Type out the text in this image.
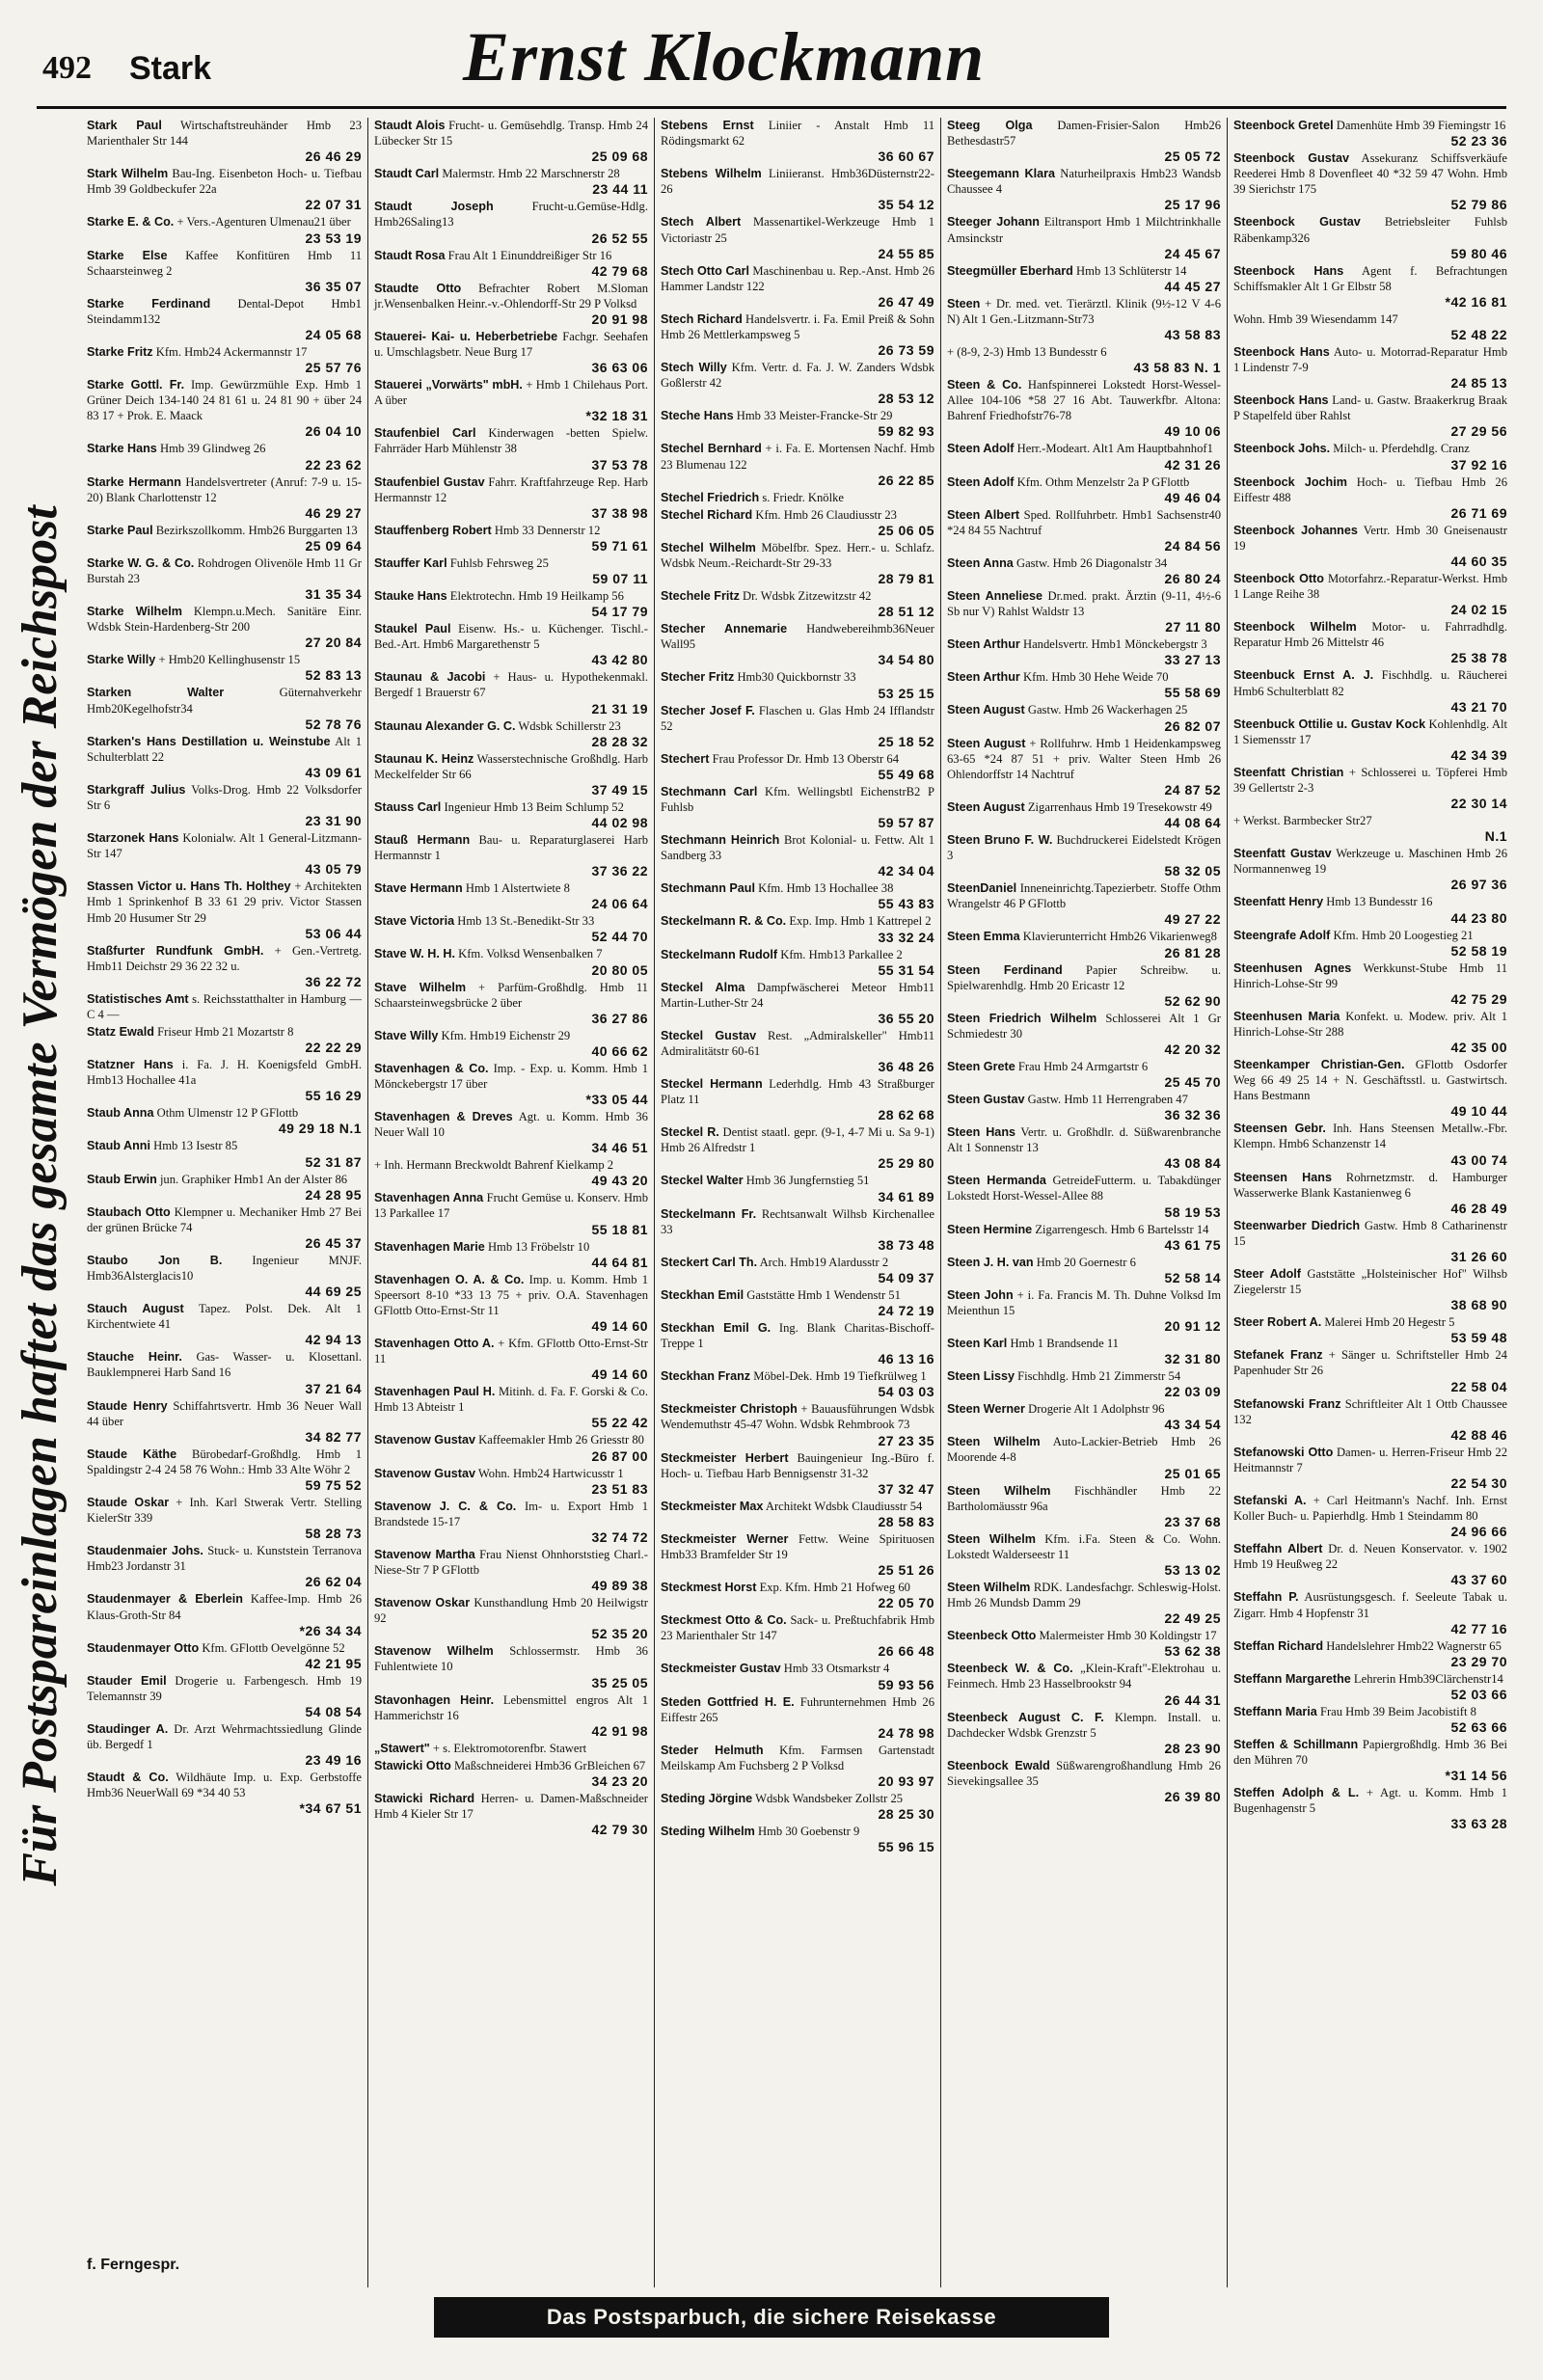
492 Stark	Ernst Klockmann
Für Postspareinlagen haftet das gesamte Vermögen der Reichspost
Stark Paul Wirtschaftstreuhänder Hmb 23 Marienthaler Str 144
26 46 29
Stark Wilhelm Bau-Ing. Eisenbeton Hoch- u. Tiefbau Hmb 39 Goldbeckufer 22a
22 07 31
Starke E. & Co. + Vers.-Agenturen Ulmenau21 über
23 53 19
Starke Else Kaffee Konfitüren Hmb 11 Schaarsteinweg 2
36 35 07
Starke Ferdinand Dental-Depot Hmb1 Steindamm132
24 05 68
Starke Fritz Kfm. Hmb24 Ackermannstr 17
25 57 76
Starke Gottl. Fr. Imp. Gewürzmühle Exp. Hmb 1 Grüner Deich 134-140 24 81 61 u. 24 81 90 + über 24 83 17 + Prok. E. Maack
26 04 10
Starke Hans Hmb 39 Glindweg 26
22 23 62
Starke Hermann Handelsvertreter (Anruf: 7-9 u. 15-20) Blank Charlottenstr 12
46 29 27
Starke Paul Bezirkszollkomm. Hmb26 Burggarten 13
25 09 64
Starke W. G. & Co. Rohdrogen Olivenöle Hmb 11 Gr Burstah 23
31 35 34
Starke Wilhelm Klempn.u.Mech. Sanitäre Einr. Wdsbk Stein-Hardenberg-Str 200
27 20 84
Starke Willy + Hmb20 Kellinghusenstr 15
52 83 13
Starken Walter	Güternahverkehr Hmb20Kegelhofstr34
52 78 76
Starken's Hans Destillation u. Weinstube Alt 1 Schulterblatt 22
43 09 61
Starkgraff Julius Volks-Drog. Hmb 22 Volksdorfer Str 6
23 31 90
Starzonek Hans Kolonialw. Alt 1 General-Litzmann-Str 147
43 05 79
Stassen Victor u. Hans Th. Holthey + Architekten Hmb 1 Sprinkenhof B 33 61 29 priv. Victor Stassen Hmb 20 Husumer Str 29
53 06 44
Staßfurter Rundfunk GmbH. + Gen.-Vertretg. Hmb11 Deichstr 29 36 22 32 u.
36 22 72
Statistisches Amt s. Reichsstatthalter in Hamburg — C 4 —
Statz Ewald Friseur Hmb 21 Mozartstr 8
22 22 29
Statzner Hans i. Fa. J. H. Koenigsfeld GmbH. Hmb13 Hochallee 41a
55 16 29
Staub Anna Othm Ulmenstr 12 P GFlottb
49 29 18 N.1
Staub Anni Hmb 13 Isestr 85
52 31 87
Staub Erwin jun. Graphiker Hmb1 An der Alster 86
24 28 95
Staubach Otto Klempner u. Mechaniker Hmb 27 Bei der grünen Brücke 74
26 45 37
Staubo Jon B. Ingenieur MNJF. Hmb36Alsterglacis10
44 69 25
Stauch August Tapez. Polst. Dek. Alt 1 Kirchentwiete 41
42 94 13
Stauche Heinr. Gas- Wasser- u. Klosettanl. Bauklempnerei Harb Sand 16
37 21 64
Staude Henry Schiffahrtsvertr. Hmb 36 Neuer Wall 44 über
34 82 77
Staude Käthe Bürobedarf-Großhdlg. Hmb 1 Spaldingstr 2-4 24 58 76 Wohn.: Hmb 33 Alte Wöhr 2
59 75 52
Staude Oskar + Inh. Karl Stwerak Vertr. Stelling KielerStr 339
58 28 73
Staudenmaier Johs. Stuck- u. Kunststein Terranova Hmb23 Jordanstr 31
26 62 04
Staudenmayer & Eberlein Kaffee-Imp. Hmb 26 Klaus-Groth-Str 84
*26 34 34
Staudenmayer Otto Kfm. GFlottb Oevelgönne 52
42 21 95
Stauder Emil Drogerie u. Farbengesch. Hmb 19 Telemannstr 39
54 08 54
Staudinger A. Dr. Arzt Wehrmachtssiedlung Glinde üb. Bergedf 1
23 49 16
Staudt & Co. Wildhäute Imp. u. Exp. Gerbstoffe Hmb36 NeuerWall 69 *34 40 53
*34 67 51
Staudt Alois Frucht- u. Gemüsehdlg. Transp. Hmb 24 Lübecker Str 15
25 09 68
Staudt Carl Malermstr. Hmb 22 Marschnerstr 28
23 44 11
Staudt Joseph	Frucht-u.Gemüse-Hdlg. Hmb26Saling13
26 52 55
Staudt Rosa Frau Alt 1 Einunddreißiger Str 16
42 79 68
Staudte Otto Befrachter Robert M.Sloman jr.Wensenbalken Heinr.-v.-Ohlendorff-Str 29 P Volksd
20 91 98
Stauerei- Kai- u. Heberbetriebe Fachgr. Seehafen u. Umschlagsbetr. Neue Burg 17
36 63 06
Stauerei „Vorwärts" mbH. + Hmb 1 Chilehaus Port. A über
*32 18 31
Staufenbiel Carl Kinderwagen -betten Spielw. Fahrräder Harb Mühlenstr 38
37 53 78
Staufenbiel Gustav Fahrr. Kraftfahrzeuge Rep. Harb Hermannstr 12
37 38 98
Stauffenberg Robert Hmb 33 Dennerstr 12
59 71 61
Stauffer Karl Fuhlsb Fehrsweg 25
59 07 11
Stauke Hans Elektrotechn. Hmb 19 Heilkamp 56
54 17 79
Staukel Paul Eisenw. Hs.- u. Küchenger. Tischl.-Bed.-Art. Hmb6 Margarethenstr 5
43 42 80
Staunau & Jacobi + Haus- u. Hypothekenmakl. Bergedf 1 Brauerstr 67
21 31 19
Staunau Alexander G. C. Wdsbk Schillerstr 23
28 28 32
Staunau K. Heinz Wasserstechnische Großhdlg. Harb Meckelfelder Str 66
37 49 15
Stauss Carl Ingenieur Hmb 13 Beim Schlump 52
44 02 98
Stauß Hermann Bau- u. Reparaturglaserei Harb Hermannstr 1
37 36 22
Stave Hermann Hmb 1 Alstertwiete 8
24 06 64
Stave Victoria Hmb 13 St.-Benedikt-Str 33
52 44 70
Stave W. H. H. Kfm. Volksd Wensenbalken 7
20 80 05
Stave Wilhelm + Parfüm-Großhdlg. Hmb 11 Schaarsteinwegsbrücke 2 über
36 27 86
Stave Willy Kfm. Hmb19 Eichenstr 29
40 66 62
Stavenhagen & Co. Imp. - Exp. u. Komm. Hmb 1 Mönckebergstr 17 über
*33 05 44
Stavenhagen & Dreves Agt. u. Komm. Hmb 36 Neuer Wall 10
34 46 51
+ Inh. Hermann Breckwoldt Bahrenf Kielkamp 2
49 43 20
Stavenhagen Anna Frucht Gemüse u. Konserv. Hmb 13 Parkallee 17
55 18 81
Stavenhagen Marie Hmb 13 Fröbelstr 10
44 64 81
Stavenhagen O. A. & Co. Imp. u. Komm. Hmb 1 Speersort 8-10 *33 13 75 + priv. O.A. Stavenhagen GFlottb Otto-Ernst-Str 11
49 14 60
Stavenhagen Otto A. + Kfm. GFlottb Otto-Ernst-Str 11
49 14 60
Stavenhagen Paul H. Mitinh. d. Fa. F. Gorski & Co. Hmb 13 Abteistr 1
55 22 42
Stavenow Gustav Kaffeemakler Hmb 26 Griesstr 80
26 87 00
Stavenow Gustav Wohn. Hmb24 Hartwicusstr 1
23 51 83
Stavenow J. C. & Co. Im- u. Export Hmb 1 Brandstede 15-17
32 74 72
Stavenow Martha Frau Nienst Ohnhorststieg Charl.-Niese-Str 7 P GFlottb
49 89 38
Stavenow Oskar Kunsthandlung Hmb 20 Heilwigstr 92
52 35 20
Stavenow Wilhelm Schlossermstr. Hmb 36 Fuhlentwiete 10
35 25 05
Stavonhagen Heinr. Lebensmittel engros Alt 1 Hammerichstr 16
42 91 98
„Stawert" + s. Elektromotorenfbr. Stawert
Stawicki Otto Maßschneiderei Hmb36 GrBleichen 67
34 23 20
Stawicki Richard Herren- u. Damen-Maßschneider Hmb 4 Kieler Str 17
42 79 30
Stebens Ernst Liniier - Anstalt Hmb 11 Rödingsmarkt 62
36 60 67
Stebens Wilhelm Liniieranst. Hmb36Düsternstr22-26
35 54 12
Stech Albert Massenartikel-Werkzeuge Hmb 1 Victoriastr 25
24 55 85
Stech Otto Carl Maschinenbau u. Rep.-Anst. Hmb 26 Hammer Landstr 122
26 47 49
Stech Richard Handelsvertr. i. Fa. Emil Preiß & Sohn Hmb 26 Mettlerkampsweg 5
26 73 59
Stech Willy Kfm. Vertr. d. Fa. J. W. Zanders Wdsbk Goßlerstr 42
28 53 12
Steche Hans Hmb 33 Meister-Francke-Str 29
59 82 93
Stechel Bernhard + i. Fa. E. Mortensen Nachf. Hmb 23 Blumenau 122
26 22 85
Stechel Friedrich s. Friedr. Knölke
Stechel Richard Kfm. Hmb 26 Claudiusstr 23
25 06 05
Stechel Wilhelm Möbelfbr. Spez. Herr.- u. Schlafz. Wdsbk Neum.-Reichardt-Str 29-33
28 79 81
Stechele Fritz Dr. Wdsbk Zitzewitzstr 42
28 51 12
Stecher Annemarie Handwebereihmb36Neuer Wall95
34 54 80
Stecher Fritz Hmb30 Quickbornstr 33
53 25 15
Stecher Josef F. Flaschen u. Glas Hmb 24 Ifflandstr 52
25 18 52
Stechert Frau Professor Dr. Hmb 13 Oberstr 64
55 49 68
Stechmann Carl Kfm. Wellingsbtl EichenstrB2 P Fuhlsb
59 57 87
Stechmann Heinrich Brot Kolonial- u. Fettw. Alt 1 Sandberg 33
42 34 04
Stechmann Paul Kfm. Hmb 13 Hochallee 38
55 43 83
Steckelmann R. & Co. Exp. Imp. Hmb 1 Kattrepel 2
33 32 24
Steckelmann Rudolf Kfm. Hmb13 Parkallee 2
55 31 54
Steckel Alma Dampfwäscherei Meteor Hmb11 Martin-Luther-Str 24
36 55 20
Steckel Gustav Rest. „Admiralskeller" Hmb11 Admiralitätstr 60-61
36 48 26
Steckel Hermann Lederhdlg. Hmb 43 Straßburger Platz 11
28 62 68
Steckel R. Dentist staatl. gepr. (9-1, 4-7 Mi u. Sa 9-1) Hmb 26 Alfredstr 1
25 29 80
Steckel Walter Hmb 36 Jungfernstieg 51
34 61 89
Steckelmann Fr. Rechtsanwalt Wilhsb Kirchenallee 33
38 73 48
Steckert Carl Th. Arch. Hmb19 Alardusstr 2
54 09 37
Steckhan Emil Gaststätte Hmb 1 Wendenstr 51
24 72 19
Steckhan Emil G. Ing. Blank Charitas-Bischoff-Treppe 1
46 13 16
Steckhan Franz Möbel-Dek. Hmb 19 Tiefkrülweg 1
54 03 03
Steckmeister Christoph + Bauausführungen Wdsbk Wendemuthstr 45-47 Wohn. Wdsbk Rehmbrook 73
27 23 35
Steckmeister Herbert Bauingenieur Ing.-Büro f. Hoch- u. Tiefbau Harb Bennigsenstr 31-32
37 32 47
Steckmeister Max Architekt Wdsbk Claudiusstr 54
28 58 83
Steckmeister Werner Fettw. Weine Spirituosen Hmb33 Bramfelder Str 19
25 51 26
Steckmest Horst Exp. Kfm. Hmb 21 Hofweg 60
22 05 70
Steckmest Otto & Co. Sack- u. Preßtuchfabrik Hmb 23 Marienthaler Str 147
26 66 48
Steckmeister Gustav Hmb 33 Otsmarkstr 4
59 93 56
Steden Gottfried H. E. Fuhrunternehmen Hmb 26 Eiffestr 265
24 78 98
Steder Helmuth Kfm. Farmsen Gartenstadt Meilskamp Am Fuchsberg 2 P Volksd
20 93 97
Steding Jörgine Wdsbk Wandsbeker Zollstr 25
28 25 30
Steding Wilhelm Hmb 30 Goebenstr 9
55 96 15
Steeg Olga Damen-Frisier-Salon Hmb26 Bethesdastr57
25 05 72
Steegemann Klara Naturheilpraxis Hmb23 Wandsb Chaussee 4
25 17 96
Steeger Johann Eiltransport Hmb 1 Milchtrinkhalle Amsinckstr
24 45 67
Steegmüller Eberhard Hmb 13 Schlüterstr 14
44 45 27
Steen + Dr. med. vet. Tierärztl. Klinik (9½-12 V 4-6 N) Alt 1 Gen.-Litzmann-Str73
43 58 83
+ (8-9, 2-3) Hmb 13 Bundesstr 6
43 58 83 N. 1
Steen & Co. Hanfspinnerei Lokstedt Horst-Wessel-Allee 104-106 *58 27 16 Abt. Tauwerkfbr. Altona: Bahrenf Friedhofstr76-78
49 10 06
Steen Adolf Herr.-Modeart. Alt1 Am Hauptbahnhof1
42 31 26
Steen Adolf Kfm. Othm Menzelstr 2a P GFlottb
49 46 04
Steen Albert Sped. Rollfuhrbetr. Hmb1 Sachsenstr40 *24 84 55 Nachtruf
24 84 56
Steen Anna Gastw. Hmb 26 Diagonalstr 34
26 80 24
Steen Anneliese Dr.med. prakt. Ärztin (9-11, 4½-6 Sb nur V) Rahlst Waldstr 13
27 11 80
Steen Arthur Handelsvertr. Hmb1 Mönckebergstr 3
33 27 13
Steen Arthur Kfm. Hmb 30 Hehe Weide 70
55 58 69
Steen August Gastw. Hmb 26 Wackerhagen 25
26 82 07
Steen August + Rollfuhrw. Hmb 1 Heidenkampsweg 63-65 *24 87 51 + priv. Walter Steen Hmb 26 Ohlendorffstr 14 Nachtruf
24 87 52
Steen August Zigarrenhaus Hmb 19 Tresekowstr 49
44 08 64
Steen Bruno F. W. Buchdruckerei Eidelstedt Krögen 3
58 32 05
SteenDaniel Inneneinrichtg.Tapezierbetr. Stoffe Othm Wrangelstr 46 P GFlottb
49 27 22
Steen Emma Klavierunterricht Hmb26 Vikarienweg8
26 81 28
Steen Ferdinand Papier Schreibw. u. Spielwarenhdlg. Hmb 20 Ericastr 12
52 62 90
Steen Friedrich Wilhelm Schlosserei Alt 1 Gr Schmiedestr 30
42 20 32
Steen Grete Frau Hmb 24 Armgartstr 6
25 45 70
Steen Gustav Gastw. Hmb 11 Herrengraben 47
36 32 36
Steen Hans Vertr. u. Großhdlr. d. Süßwarenbranche Alt 1 Sonnenstr 13
43 08 84
Steen Hermanda GetreideFutterm. u. Tabakdünger Lokstedt Horst-Wessel-Allee 88
58 19 53
Steen Hermine Zigarrengesch. Hmb 6 Bartelsstr 14
43 61 75
Steen J. H. van Hmb 20 Goernestr 6
52 58 14
Steen John + i. Fa. Francis M. Th. Duhne Volksd Im Meienthun 15
20 91 12
Steen Karl Hmb 1 Brandsende 11
32 31 80
Steen Lissy Fischhdlg. Hmb 21 Zimmerstr 54
22 03 09
Steen Werner Drogerie Alt 1 Adolphstr 96
43 34 54
Steen Wilhelm Auto-Lackier-Betrieb Hmb 26 Moorende 4-8
25 01 65
Steen Wilhelm Fischhändler Hmb 22 Bartholomäusstr 96a
23 37 68
Steen Wilhelm Kfm. i.Fa. Steen & Co. Wohn. Lokstedt Walderseestr 11
53 13 02
Steen Wilhelm RDK. Landesfachgr. Schleswig-Holst. Hmb 26 Mundsb Damm 29
22 49 25
Steenbeck Otto Malermeister Hmb 30 Koldingstr 17
53 62 38
Steenbeck W. & Co. „Klein-Kraft"-Elektrohau u. Feinmech. Hmb 23 Hasselbrookstr 94
26 44 31
Steenbeck August C. F. Klempn. Install. u. Dachdecker Wdsbk Grenzstr 5
28 23 90
Steenbock Ewald Süßwarengroßhandlung Hmb 26 Sievekingsallee 35
26 39 80
Steenbock Gretel Damenhüte Hmb 39 Fiemingstr 16
52 23 36
Steenbock Gustav Assekuranz Schiffsverkäufe Reederei Hmb 8 Dovenfleet 40 *32 59 47 Wohn. Hmb 39 Sierichstr 175
52 79 86
Steenbock Gustav Betriebsleiter Fuhlsb Räbenkamp326
59 80 46
Steenbock Hans Agent f. Befrachtungen Schiffsmakler Alt 1 Gr Elbstr 58
*42 16 81
Wohn. Hmb 39 Wiesendamm 147
52 48 22
Steenbock Hans Auto- u. Motorrad-Reparatur Hmb 1 Lindenstr 7-9
24 85 13
Steenbock Hans Land- u. Gastw. Braakerkrug Braak P Stapelfeld über Rahlst
27 29 56
Steenbock Johs. Milch- u. Pferdehdlg. Cranz
37 92 16
Steenbock Jochim Hoch- u. Tiefbau Hmb 26 Eiffestr 488
26 71 69
Steenbock Johannes Vertr. Hmb 30 Gneisenaustr 19
44 60 35
Steenbock Otto Motorfahrz.-Reparatur-Werkst. Hmb 1 Lange Reihe 38
24 02 15
Steenbock Wilhelm Motor- u. Fahrradhdlg. Reparatur Hmb 26 Mittelstr 46
25 38 78
Steenbuck Ernst A. J. Fischhdlg. u. Räucherei Hmb6 Schulterblatt 82
43 21 70
Steenbuck Ottilie u. Gustav Kock Kohlenhdlg. Alt 1 Siemensstr 17
42 34 39
Steenfatt Christian + Schlosserei u. Töpferei Hmb 39 Gellertstr 2-3
22 30 14
+ Werkst. Barmbecker Str27
N.1
Steenfatt Gustav Werkzeuge u. Maschinen Hmb 26 Normannenweg 19
26 97 36
Steenfatt Henry Hmb 13 Bundesstr 16
44 23 80
Steengrafe Adolf Kfm. Hmb 20 Loogestieg 21
52 58 19
Steenhusen Agnes Werkkunst-Stube Hmb 11 Hinrich-Lohse-Str 99
42 75 29
Steenhusen Maria Konfekt. u. Modew. priv. Alt 1 Hinrich-Lohse-Str 288
42 35 00
Steenkamper Christian-Gen. GFlottb Osdorfer Weg 66 49 25 14 + N. Geschäftsstl. u. Gastwirtsch. Hans Bestmann
49 10 44
Steensen Gebr. Inh. Hans Steensen Metallw.-Fbr. Klempn. Hmb6 Schanzenstr 14
43 00 74
Steensen Hans Rohrnetzmstr. d. Hamburger Wasserwerke Blank Kastanienweg 6
46 28 49
Steenwarber Diedrich Gastw. Hmb 8 Catharinenstr 15
31 26 60
Steer Adolf Gaststätte „Holsteinischer Hof" Wilhsb Ziegelerstr 15
38 68 90
Steer Robert A. Malerei Hmb 20 Hegestr 5
53 59 48
Stefanek Franz + Sänger u. Schriftsteller Hmb 24 Papenhuder Str 26
22 58 04
Stefanowski Franz Schriftleiter Alt 1 Ottb Chaussee 132
42 88 46
Stefanowski Otto Damen- u. Herren-Friseur Hmb 22 Heitmannstr 7
22 54 30
Stefanski A. + Carl Heitmann's Nachf. Inh. Ernst Koller Buch- u. Papierhdlg. Hmb 1 Steindamm 80
24 96 66
Steffahn Albert Dr. d. Neuen Konservator. v. 1902 Hmb 19 Heußweg 22
43 37 60
Steffahn P. Ausrüstungsgesch. f. Seeleute Tabak u. Zigarr. Hmb 4 Hopfenstr 31
42 77 16
Steffan Richard Handelslehrer Hmb22 Wagnerstr 65
23 29 70
Steffann Margarethe Lehrerin Hmb39Clärchenstr14
52 03 66
Steffann Maria Frau Hmb 39 Beim Jacobistift 8
52 63 66
Steffen & Schillmann Papiergroßhdlg. Hmb 36 Bei den Mühren 70
*31 14 56
Steffen Adolph & L. + Agt. u. Komm. Hmb 1 Bugenhagenstr 5
33 63 28
f. Ferngespr.
Das Postsparbuch, die sichere Reisekasse
